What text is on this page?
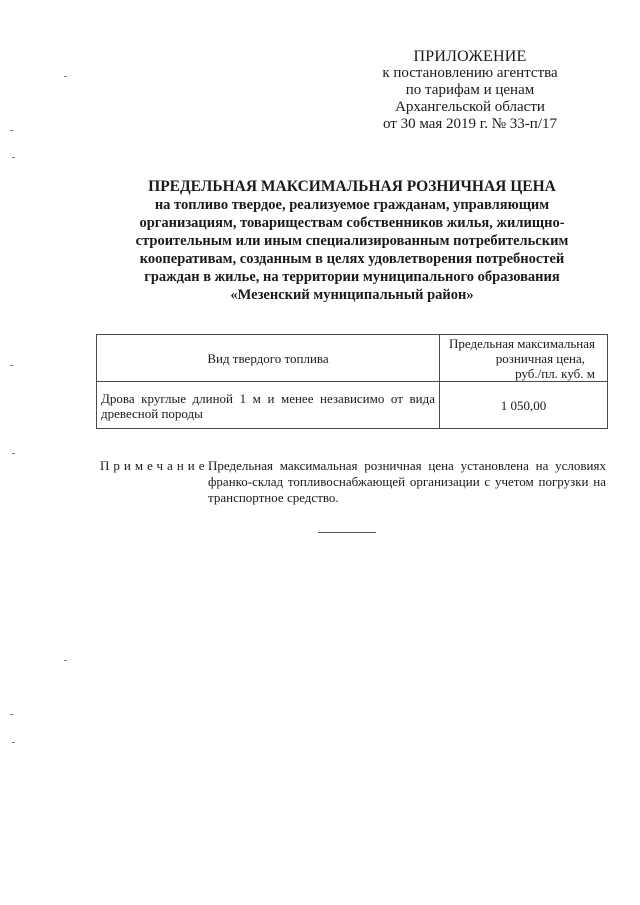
ПРИЛОЖЕНИЕ
к постановлению агентства
по тарифам и ценам
Архангельской области
от 30 мая 2019 г. № 33-п/17
ПРЕДЕЛЬНАЯ МАКСИМАЛЬНАЯ РОЗНИЧНАЯ ЦЕНА
на топливо твердое, реализуемое гражданам, управляющим
организациям, товариществам собственников жилья, жилищно-
строительным или иным специализированным потребительским
кооперативам, созданным в целях удовлетворения потребностей
граждан в жилье, на территории муниципального образования
«Мезенский муниципальный район»
Вид твердого топлива	Предельная максимальная
розничная цена,
руб./пл. куб. м

Дрова круглые длиной 1 м и менее независимо от вида древесной породы	1 050,00
Примечание.
Предельная максимальная розничная цена установлена на условиях франко-склад топливоснабжающей организации с учетом погрузки на транспортное средство.
